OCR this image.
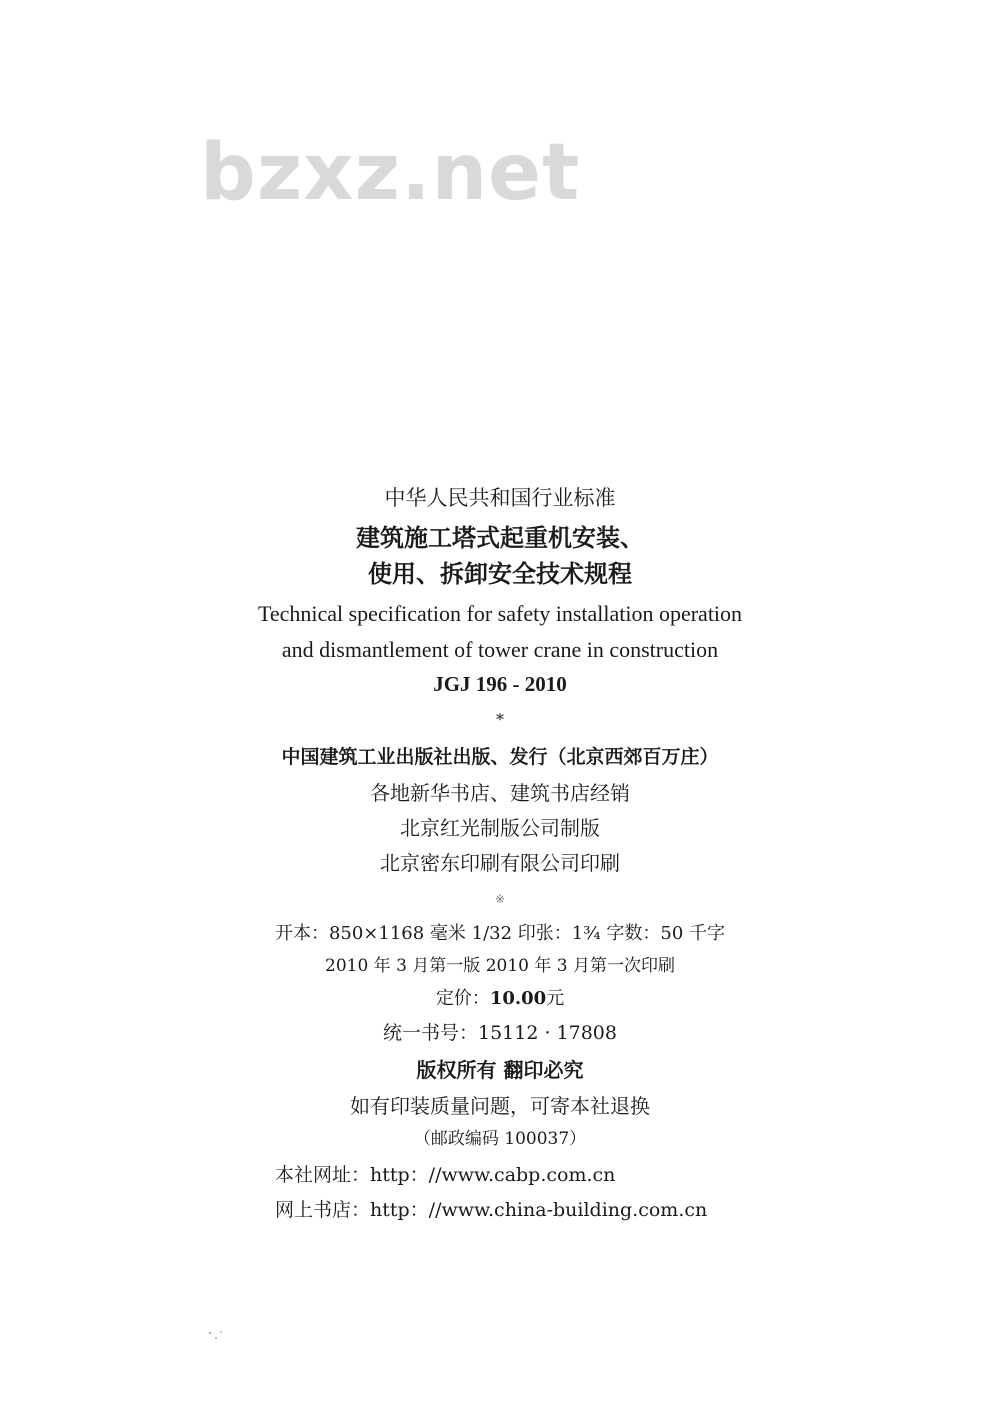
bzxz.net
中华人民共和国行业标准
建筑施工塔式起重机安装、
使用、拆卸安全技术规程
Technical specification for safety installation operation
and dismantlement of tower crane in construction
JGJ 196 - 2010
*
中国建筑工业出版社出版、发行（北京西郊百万庄）
各地新华书店、建筑书店经销
北京红光制版公司制版
北京密东印刷有限公司印刷
※
开本：850×1168 毫米 1/32 印张：1¾ 字数：50 千字
2010 年 3 月第一版 2010 年 3 月第一次印刷
定价：10.00元
统一书号：15112 · 17808
版权所有 翻印必究
如有印装质量问题，可寄本社退换
（邮政编码 100037）
本社网址：http：//www.cabp.com.cn
网上书店：http：//www.china-building.com.cn
